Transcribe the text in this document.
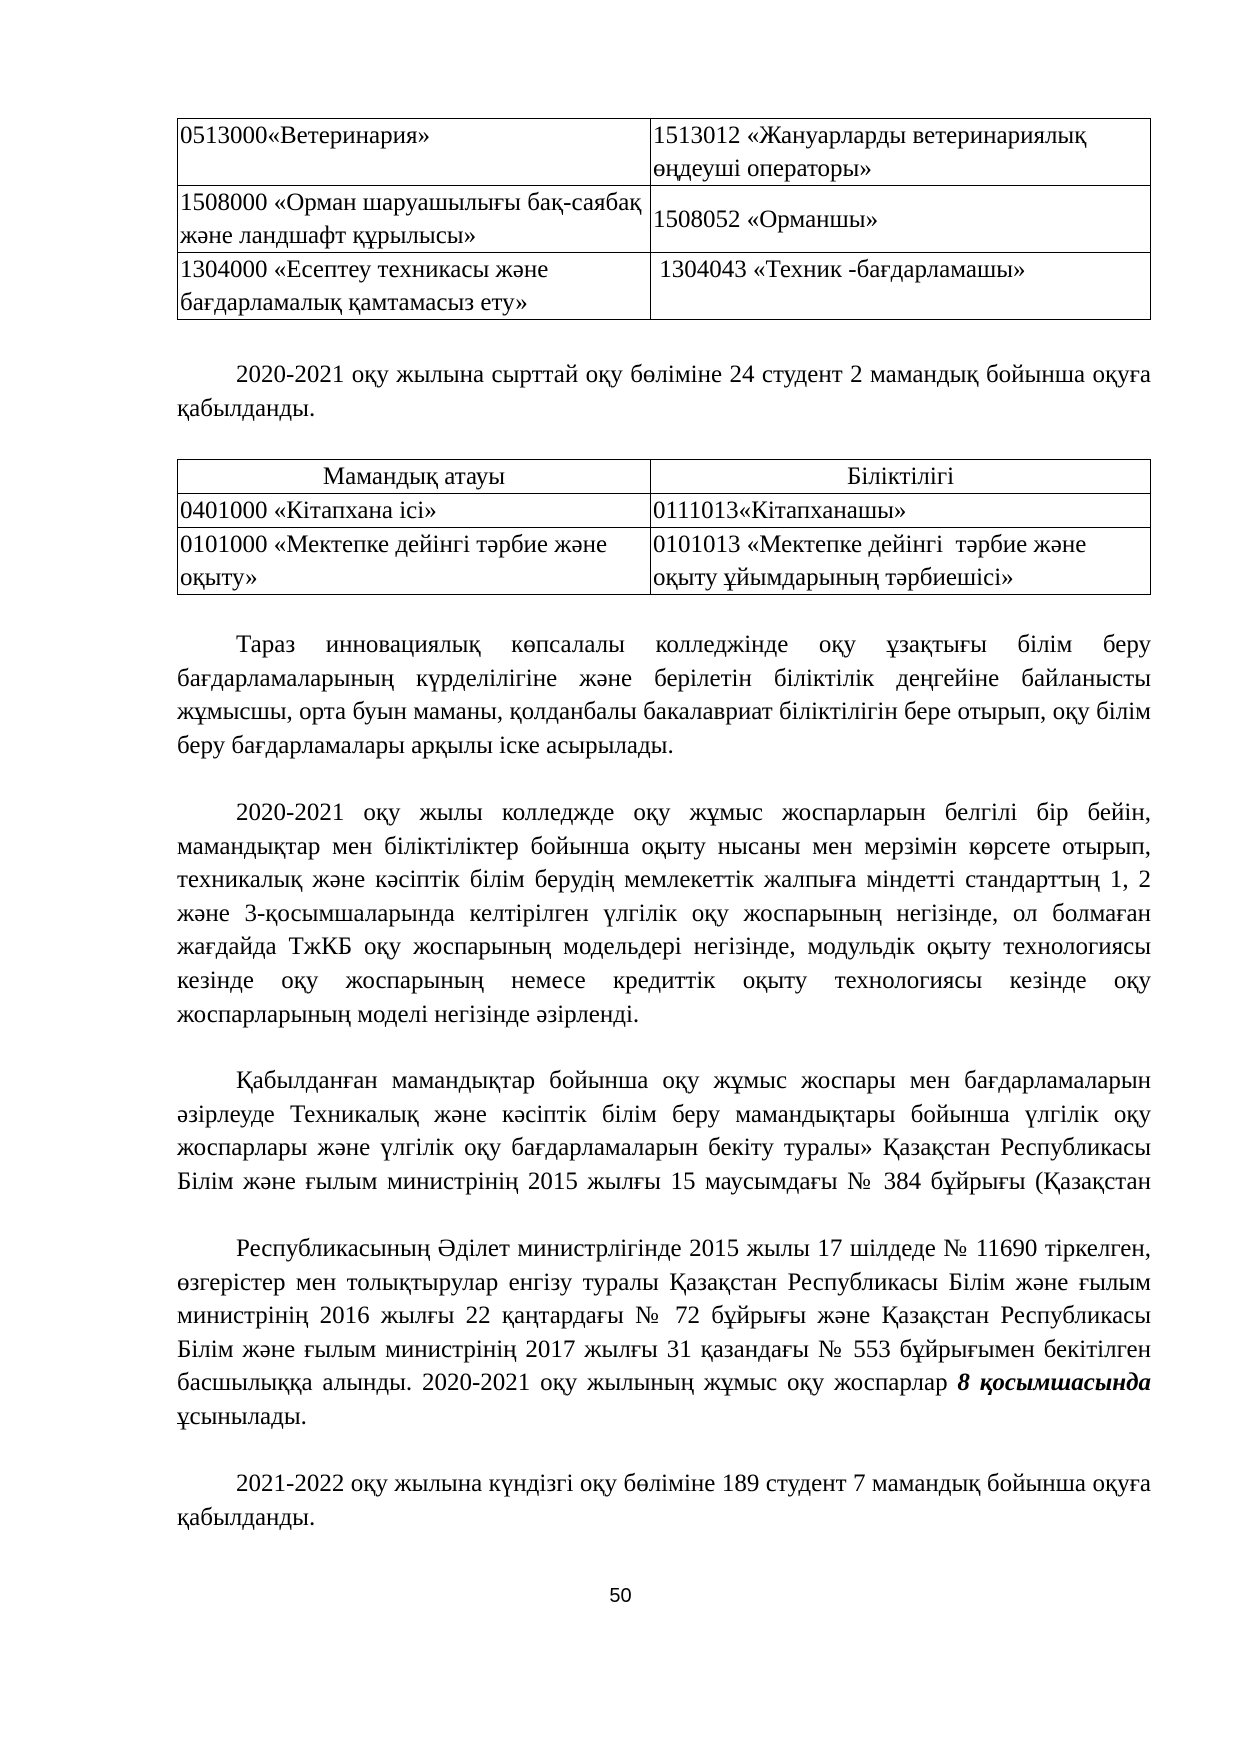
0513000«Ветеринария»	1513012 «Жануарларды ветеринариялық өңдеуші операторы»
1508000 «Орман шаруашылығы бақ-саябақ және ландшафт құрылысы»	1508052 «Орманшы»
1304000 «Есептеу техникасы және бағдарламалық қамтамасыз ету»	1304043 «Техник -бағдарламашы»

2020-2021 оқу жылына сырттай оқу бөліміне 24 студент 2 мамандық бойынша оқуға қабылданды.

Мамандық атауы	Біліктілігі
0401000 «Кітапхана ісі»	0111013«Кітапханашы»
0101000 «Мектепке дейінгі тәрбие және оқыту»	0101013 «Мектепке дейінгі  тәрбие және оқыту ұйымдарының тәрбиешісі»

Тараз инновациялық көпсалалы колледжінде оқу ұзақтығы білім беру бағдарламаларының күрделілігіне және берілетін біліктілік деңгейіне байланысты жұмысшы, орта буын маманы, қолданбалы бакалавриат біліктілігін бере отырып, оқу білім беру бағдарламалары арқылы іске асырылады.

2020-2021 оқу жылы колледжде оқу жұмыс жоспарларын белгілі бір бейін, мамандықтар мен біліктіліктер бойынша оқыту нысаны мен мерзімін көрсете отырып, техникалық және кәсіптік білім берудің мемлекеттік жалпыға міндетті стандарттың 1, 2 және 3-қосымшаларында келтірілген үлгілік оқу жоспарының негізінде, ол болмаған жағдайда ТжКБ оқу жоспарының модельдері негізінде, модульдік оқыту технологиясы кезінде оқу жоспарының немесе кредиттік оқыту технологиясы кезінде оқу жоспарларының моделі негізінде әзірленді.

Қабылданған мамандықтар бойынша оқу жұмыс жоспары мен бағдарламаларын әзірлеуде Техникалық және кәсіптік білім беру мамандықтары бойынша үлгілік оқу жоспарлары және үлгілік оқу бағдарламаларын бекіту туралы» Қазақстан Республикасы Білім және ғылым министрінің 2015 жылғы 15 маусымдағы № 384 бұйрығы (Қазақстан

Республикасының Әділет министрлігінде 2015 жылы 17 шілдеде № 11690 тіркелген, өзгерістер мен толықтырулар енгізу туралы Қазақстан Республикасы Білім және ғылым министрінің 2016 жылғы 22 қаңтардағы № 72 бұйрығы және Қазақстан Республикасы Білім және ғылым министрінің 2017 жылғы 31 қазандағы № 553 бұйрығымен бекітілген басшылыққа алынды. 2020-2021 оқу жылының жұмыс оқу жоспарлар 8 қосымшасында ұсынылады.

2021-2022 оқу жылына күндізгі оқу бөліміне 189 студент 7 мамандық бойынша оқуға қабылданды.

50
